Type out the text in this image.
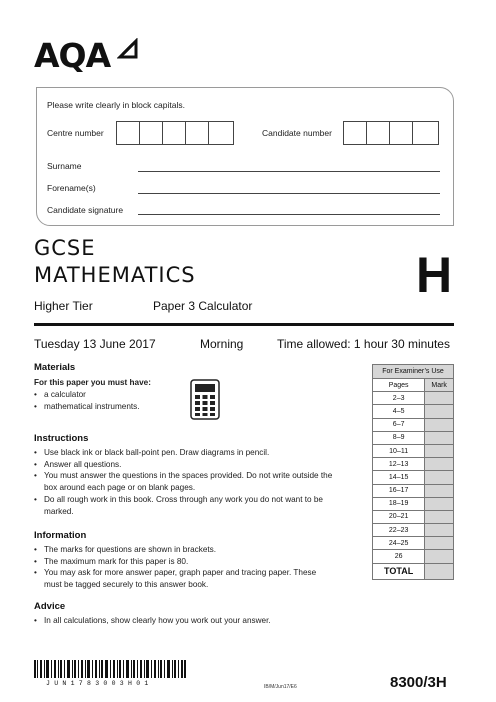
AQA
Please write clearly in block capitals.
Centre number	Candidate number
Surname
Forename(s)
Candidate signature
GCSE
MATHEMATICS	H
Higher Tier	Paper 3 Calculator
Tuesday 13 June 2017	Morning	Time allowed: 1 hour 30 minutes
Materials
For this paper you must have:
• a calculator
• mathematical instruments.
Instructions
• Use black ink or black ball-point pen. Draw diagrams in pencil.
• Answer all questions.
• You must answer the questions in the spaces provided. Do not write outside the box around each page or on blank pages.
• Do all rough work in this book. Cross through any work you do not want to be marked.
Information
• The marks for questions are shown in brackets.
• The maximum mark for this paper is 80.
• You may ask for more answer paper, graph paper and tracing paper. These must be tagged securely to this answer book.
Advice
• In all calculations, show clearly how you work out your answer.
For Examiner’s Use	
Pages	Mark
2–3	
4–5	
6–7	
8–9	
10–11	
12–13	
14–15	
16–17	
18–19	
20–21	
22–23	
24–25	
26	
TOTAL	
JUN1783003H01	IB/M/Jun17/E6	8300/3H
